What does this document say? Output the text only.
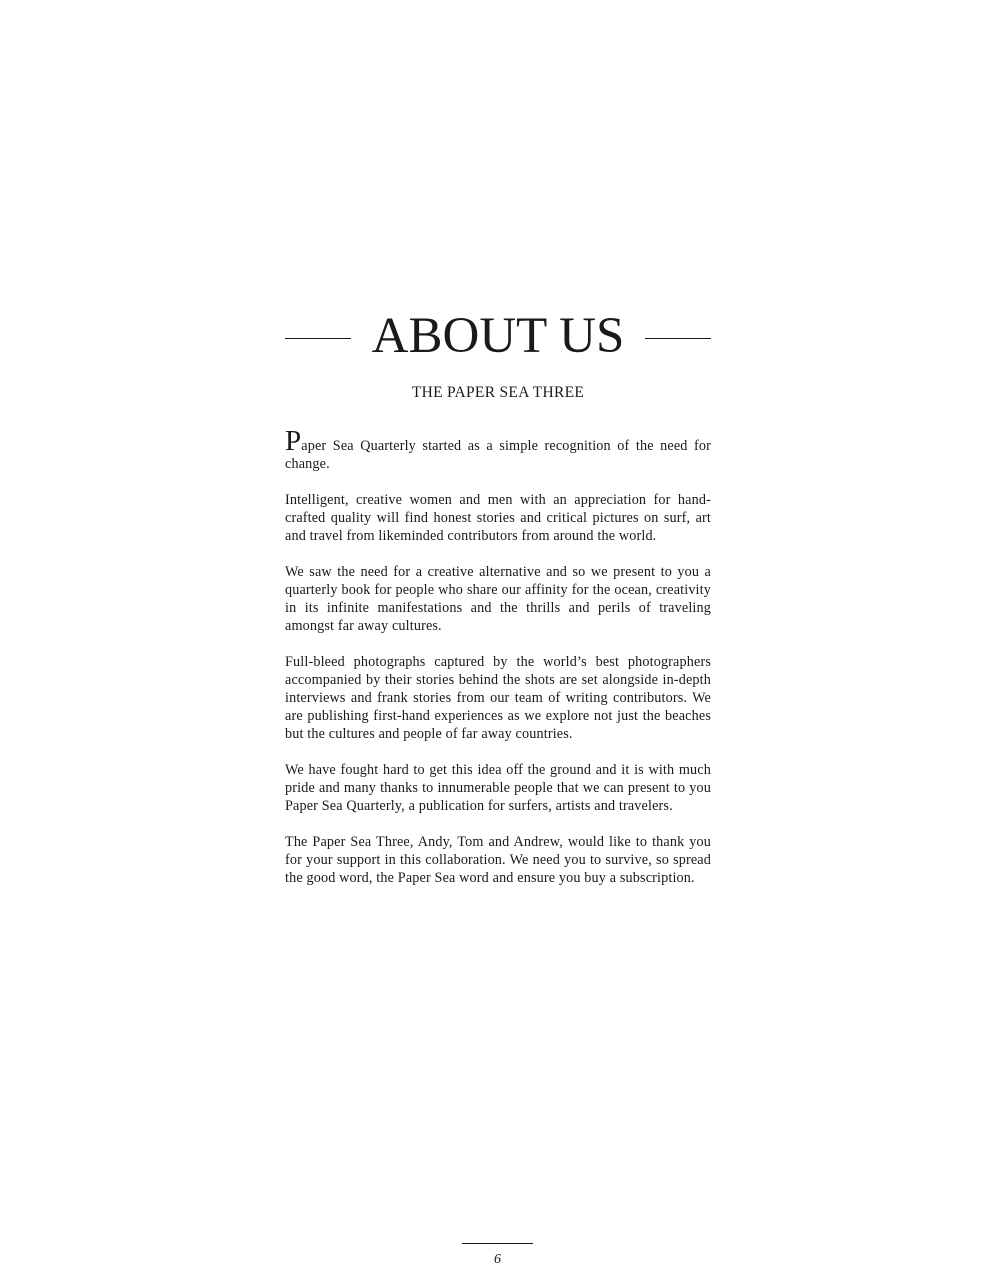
ABOUT US
THE PAPER SEA THREE

Paper Sea Quarterly started as a simple recognition of the need for change.

Intelligent, creative women and men with an appreciation for hand-crafted quality will find honest stories and critical pictures on surf, art and travel from likeminded contributors from around the world.

We saw the need for a creative alternative and so we present to you a quarterly book for people who share our affinity for the ocean, creativity in its infinite manifestations and the thrills and perils of traveling amongst far away cultures.

Full-bleed photographs captured by the world’s best photographers accompanied by their stories behind the shots are set alongside in-depth interviews and frank stories from our team of writing contributors. We are publishing first-hand experiences as we explore not just the beaches but the cultures and people of far away countries.

We have fought hard to get this idea off the ground and it is with much pride and many thanks to innumerable people that we can present to you Paper Sea Quarterly, a publication for surfers, artists and travelers.

The Paper Sea Three, Andy, Tom and Andrew, would like to thank you for your support in this collaboration. We need you to survive, so spread the good word, the Paper Sea word and ensure you buy a subscription.

6
